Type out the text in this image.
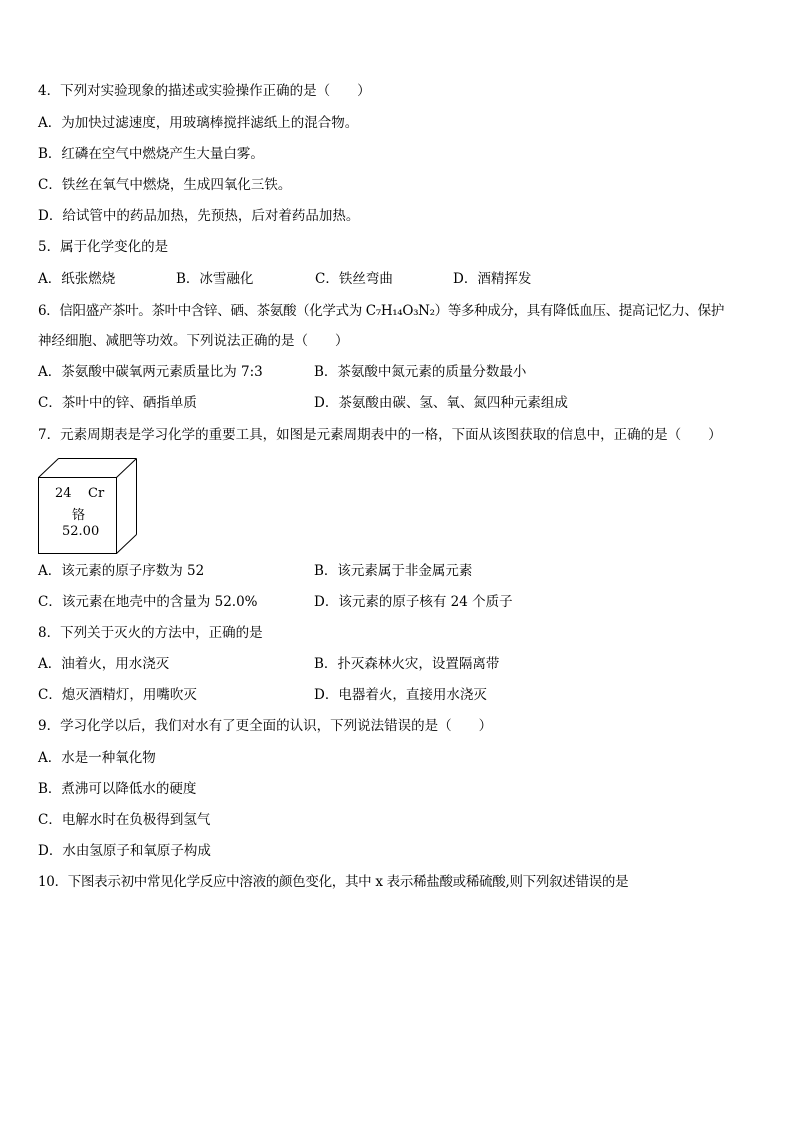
4．下列对实验现象的描述或实验操作正确的是（　　）
A．为加快过滤速度，用玻璃棒搅拌滤纸上的混合物。
B．红磷在空气中燃烧产生大量白雾。
C．铁丝在氧气中燃烧，生成四氧化三铁。
D．给试管中的药品加热，先预热，后对着药品加热。
5．属于化学变化的是
A．纸张燃烧	B．冰雪融化	C．铁丝弯曲	D．酒精挥发
6．信阳盛产茶叶。茶叶中含锌、硒、茶氨酸（化学式为 C₇H₁₄O₃N₂）等多种成分，具有降低血压、提高记忆力、保护
神经细胞、减肥等功效。下列说法正确的是（　　）
A．茶氨酸中碳氧两元素质量比为 7:3	B．茶氨酸中氮元素的质量分数最小
C．茶叶中的锌、硒指单质	D．茶氨酸由碳、氢、氧、氮四种元素组成
7．元素周期表是学习化学的重要工具，如图是元素周期表中的一格，下面从该图获取的信息中，正确的是（　　）
24 Cr
铬
52.00
A．该元素的原子序数为 52	B．该元素属于非金属元素
C．该元素在地壳中的含量为 52.0%	D．该元素的原子核有 24 个质子
8．下列关于灭火的方法中，正确的是
A．油着火，用水浇灭	B．扑灭森林火灾，设置隔离带
C．熄灭酒精灯，用嘴吹灭	D．电器着火，直接用水浇灭
9．学习化学以后，我们对水有了更全面的认识，下列说法错误的是（　　）
A．水是一种氧化物
B．煮沸可以降低水的硬度
C．电解水时在负极得到氢气
D．水由氢原子和氧原子构成
10．下图表示初中常见化学反应中溶液的颜色变化，其中 x 表示稀盐酸或稀硫酸,则下列叙述错误的是
